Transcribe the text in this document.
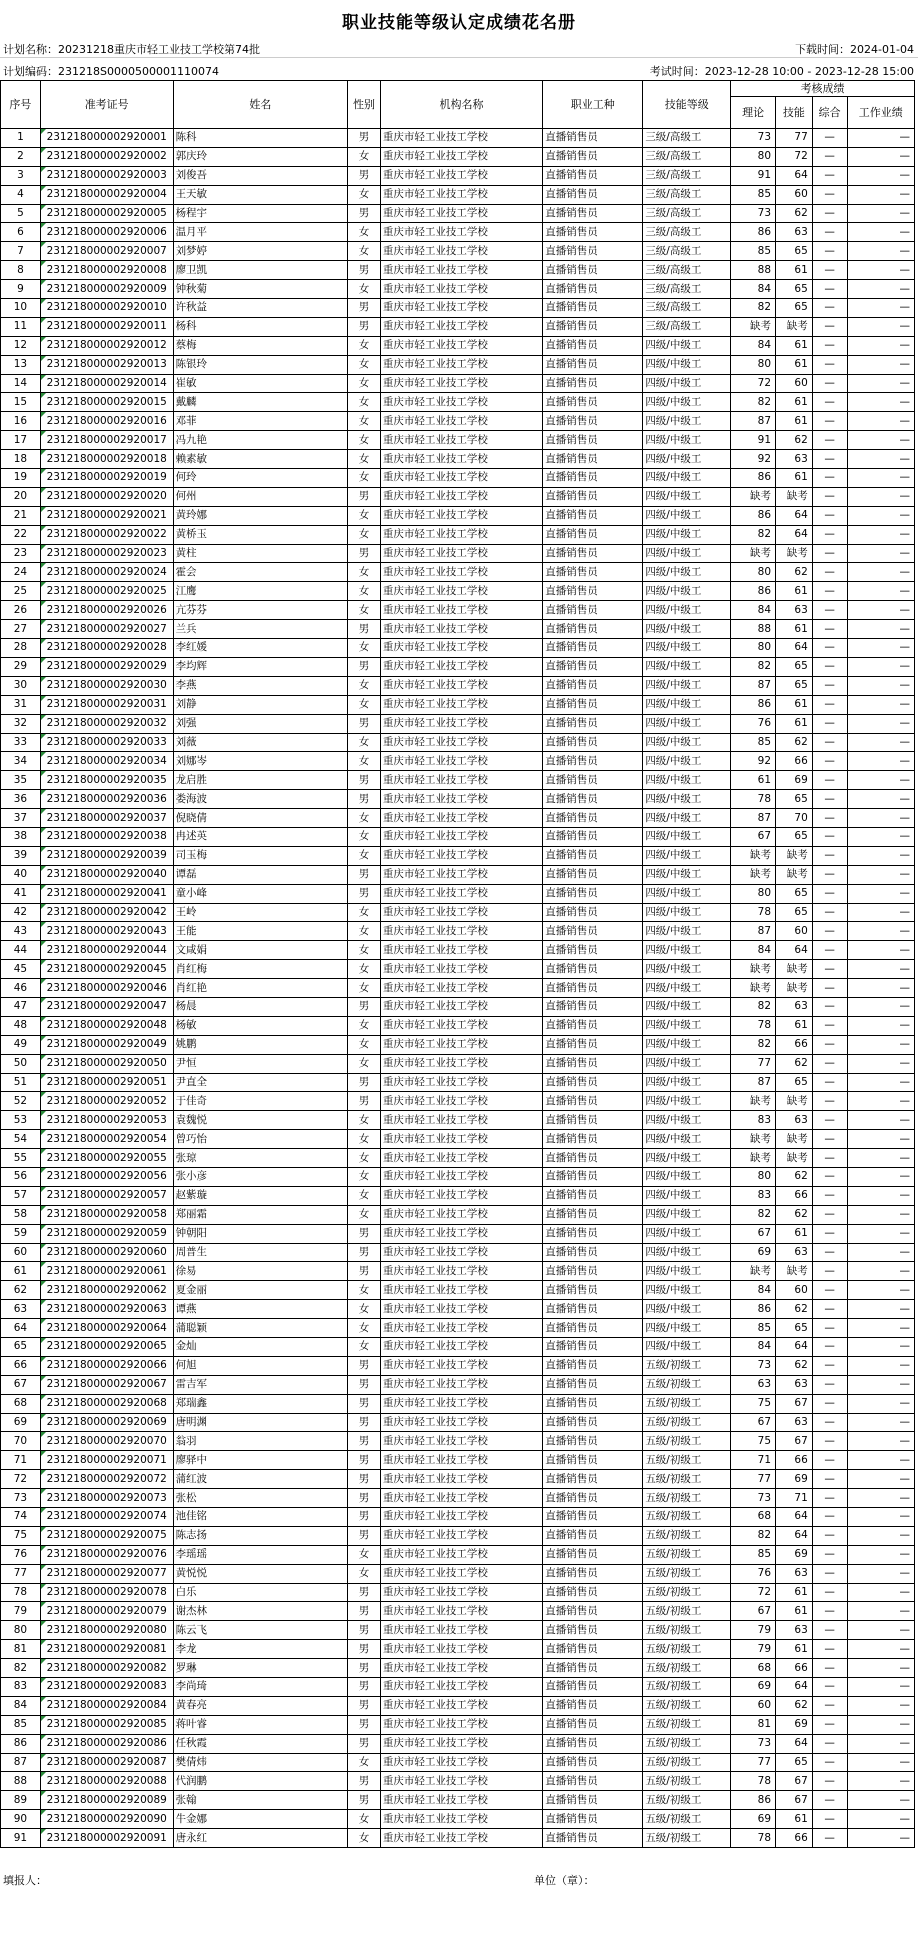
职业技能等级认定成绩花名册
计划名称：20231218重庆市轻工业技工学校第74批	下载时间：2024-01-04
计划编码：231218S0000500001110074	考试时间：2023-12-28 10:00 - 2023-12-28 15:00
序号	准考证号	姓名	性别	机构名称	职业工种	技能等级	考核成绩			
							理论	技能	综合	工作业绩
1	231218000002920001	陈科	男	重庆市轻工业技工学校	直播销售员	三级/高级工	73	77	—	—
2	231218000002920002	郭庆玲	女	重庆市轻工业技工学校	直播销售员	三级/高级工	80	72	—	—
3	231218000002920003	刘俊吾	男	重庆市轻工业技工学校	直播销售员	三级/高级工	91	64	—	—
4	231218000002920004	王天敏	女	重庆市轻工业技工学校	直播销售员	三级/高级工	85	60	—	—
5	231218000002920005	杨程宇	男	重庆市轻工业技工学校	直播销售员	三级/高级工	73	62	—	—
6	231218000002920006	温月平	女	重庆市轻工业技工学校	直播销售员	三级/高级工	86	63	—	—
7	231218000002920007	刘梦婷	女	重庆市轻工业技工学校	直播销售员	三级/高级工	85	65	—	—
8	231218000002920008	廖卫凯	男	重庆市轻工业技工学校	直播销售员	三级/高级工	88	61	—	—
9	231218000002920009	钟秋菊	女	重庆市轻工业技工学校	直播销售员	三级/高级工	84	65	—	—
10	231218000002920010	许秋益	男	重庆市轻工业技工学校	直播销售员	三级/高级工	82	65	—	—
11	231218000002920011	杨科	男	重庆市轻工业技工学校	直播销售员	三级/高级工	缺考	缺考	—	—
12	231218000002920012	蔡梅	女	重庆市轻工业技工学校	直播销售员	四级/中级工	84	61	—	—
13	231218000002920013	陈银玲	女	重庆市轻工业技工学校	直播销售员	四级/中级工	80	61	—	—
14	231218000002920014	崔敏	女	重庆市轻工业技工学校	直播销售员	四级/中级工	72	60	—	—
15	231218000002920015	戴麟	女	重庆市轻工业技工学校	直播销售员	四级/中级工	82	61	—	—
16	231218000002920016	邓菲	女	重庆市轻工业技工学校	直播销售员	四级/中级工	87	61	—	—
17	231218000002920017	冯九艳	女	重庆市轻工业技工学校	直播销售员	四级/中级工	91	62	—	—
18	231218000002920018	赖素敏	女	重庆市轻工业技工学校	直播销售员	四级/中级工	92	63	—	—
19	231218000002920019	何玲	女	重庆市轻工业技工学校	直播销售员	四级/中级工	86	61	—	—
20	231218000002920020	何州	男	重庆市轻工业技工学校	直播销售员	四级/中级工	缺考	缺考	—	—
21	231218000002920021	黄玲娜	女	重庆市轻工业技工学校	直播销售员	四级/中级工	86	64	—	—
22	231218000002920022	黄桥玉	女	重庆市轻工业技工学校	直播销售员	四级/中级工	82	64	—	—
23	231218000002920023	黄柱	男	重庆市轻工业技工学校	直播销售员	四级/中级工	缺考	缺考	—	—
24	231218000002920024	霍会	女	重庆市轻工业技工学校	直播销售员	四级/中级工	80	62	—	—
25	231218000002920025	江鹰	女	重庆市轻工业技工学校	直播销售员	四级/中级工	86	61	—	—
26	231218000002920026	亢芬芬	女	重庆市轻工业技工学校	直播销售员	四级/中级工	84	63	—	—
27	231218000002920027	兰兵	男	重庆市轻工业技工学校	直播销售员	四级/中级工	88	61	—	—
28	231218000002920028	李红媛	女	重庆市轻工业技工学校	直播销售员	四级/中级工	80	64	—	—
29	231218000002920029	李均辉	男	重庆市轻工业技工学校	直播销售员	四级/中级工	82	65	—	—
30	231218000002920030	李燕	女	重庆市轻工业技工学校	直播销售员	四级/中级工	87	65	—	—
31	231218000002920031	刘静	女	重庆市轻工业技工学校	直播销售员	四级/中级工	86	61	—	—
32	231218000002920032	刘强	男	重庆市轻工业技工学校	直播销售员	四级/中级工	76	61	—	—
33	231218000002920033	刘薇	女	重庆市轻工业技工学校	直播销售员	四级/中级工	85	62	—	—
34	231218000002920034	刘娜岑	女	重庆市轻工业技工学校	直播销售员	四级/中级工	92	66	—	—
35	231218000002920035	龙启胜	男	重庆市轻工业技工学校	直播销售员	四级/中级工	61	69	—	—
36	231218000002920036	娄海波	男	重庆市轻工业技工学校	直播销售员	四级/中级工	78	65	—	—
37	231218000002920037	倪晓倩	女	重庆市轻工业技工学校	直播销售员	四级/中级工	87	70	—	—
38	231218000002920038	冉述英	女	重庆市轻工业技工学校	直播销售员	四级/中级工	67	65	—	—
39	231218000002920039	司玉梅	女	重庆市轻工业技工学校	直播销售员	四级/中级工	缺考	缺考	—	—
40	231218000002920040	谭磊	男	重庆市轻工业技工学校	直播销售员	四级/中级工	缺考	缺考	—	—
41	231218000002920041	童小峰	男	重庆市轻工业技工学校	直播销售员	四级/中级工	80	65	—	—
42	231218000002920042	王岭	女	重庆市轻工业技工学校	直播销售员	四级/中级工	78	65	—	—
43	231218000002920043	王能	女	重庆市轻工业技工学校	直播销售员	四级/中级工	87	60	—	—
44	231218000002920044	文咸娟	女	重庆市轻工业技工学校	直播销售员	四级/中级工	84	64	—	—
45	231218000002920045	肖红梅	女	重庆市轻工业技工学校	直播销售员	四级/中级工	缺考	缺考	—	—
46	231218000002920046	肖红艳	女	重庆市轻工业技工学校	直播销售员	四级/中级工	缺考	缺考	—	—
47	231218000002920047	杨晨	男	重庆市轻工业技工学校	直播销售员	四级/中级工	82	63	—	—
48	231218000002920048	杨敏	女	重庆市轻工业技工学校	直播销售员	四级/中级工	78	61	—	—
49	231218000002920049	姚鹏	女	重庆市轻工业技工学校	直播销售员	四级/中级工	82	66	—	—
50	231218000002920050	尹恒	女	重庆市轻工业技工学校	直播销售员	四级/中级工	77	62	—	—
51	231218000002920051	尹直全	男	重庆市轻工业技工学校	直播销售员	四级/中级工	87	65	—	—
52	231218000002920052	于佳奇	男	重庆市轻工业技工学校	直播销售员	四级/中级工	缺考	缺考	—	—
53	231218000002920053	袁魏悦	女	重庆市轻工业技工学校	直播销售员	四级/中级工	83	63	—	—
54	231218000002920054	曾巧怡	女	重庆市轻工业技工学校	直播销售员	四级/中级工	缺考	缺考	—	—
55	231218000002920055	张琼	女	重庆市轻工业技工学校	直播销售员	四级/中级工	缺考	缺考	—	—
56	231218000002920056	张小彦	女	重庆市轻工业技工学校	直播销售员	四级/中级工	80	62	—	—
57	231218000002920057	赵紫璇	女	重庆市轻工业技工学校	直播销售员	四级/中级工	83	66	—	—
58	231218000002920058	郑丽霜	女	重庆市轻工业技工学校	直播销售员	四级/中级工	82	62	—	—
59	231218000002920059	钟朝阳	男	重庆市轻工业技工学校	直播销售员	四级/中级工	67	61	—	—
60	231218000002920060	周普生	男	重庆市轻工业技工学校	直播销售员	四级/中级工	69	63	—	—
61	231218000002920061	徐易	男	重庆市轻工业技工学校	直播销售员	四级/中级工	缺考	缺考	—	—
62	231218000002920062	夏金丽	女	重庆市轻工业技工学校	直播销售员	四级/中级工	84	60	—	—
63	231218000002920063	谭燕	女	重庆市轻工业技工学校	直播销售员	四级/中级工	86	62	—	—
64	231218000002920064	蒲聪颖	女	重庆市轻工业技工学校	直播销售员	四级/中级工	85	65	—	—
65	231218000002920065	金灿	女	重庆市轻工业技工学校	直播销售员	四级/中级工	84	64	—	—
66	231218000002920066	何旭	男	重庆市轻工业技工学校	直播销售员	五级/初级工	73	62	—	—
67	231218000002920067	雷吉军	男	重庆市轻工业技工学校	直播销售员	五级/初级工	63	63	—	—
68	231218000002920068	郑瑞鑫	男	重庆市轻工业技工学校	直播销售员	五级/初级工	75	67	—	—
69	231218000002920069	唐明渊	男	重庆市轻工业技工学校	直播销售员	五级/初级工	67	63	—	—
70	231218000002920070	翁羽	男	重庆市轻工业技工学校	直播销售员	五级/初级工	75	67	—	—
71	231218000002920071	廖驿中	男	重庆市轻工业技工学校	直播销售员	五级/初级工	71	66	—	—
72	231218000002920072	蒲红波	男	重庆市轻工业技工学校	直播销售员	五级/初级工	77	69	—	—
73	231218000002920073	张松	男	重庆市轻工业技工学校	直播销售员	五级/初级工	73	71	—	—
74	231218000002920074	池佳铭	男	重庆市轻工业技工学校	直播销售员	五级/初级工	68	64	—	—
75	231218000002920075	陈志扬	男	重庆市轻工业技工学校	直播销售员	五级/初级工	82	64	—	—
76	231218000002920076	李瑶瑶	女	重庆市轻工业技工学校	直播销售员	五级/初级工	85	69	—	—
77	231218000002920077	黄悦悦	女	重庆市轻工业技工学校	直播销售员	五级/初级工	76	63	—	—
78	231218000002920078	白乐	男	重庆市轻工业技工学校	直播销售员	五级/初级工	72	61	—	—
79	231218000002920079	谢杰林	男	重庆市轻工业技工学校	直播销售员	五级/初级工	67	61	—	—
80	231218000002920080	陈云飞	男	重庆市轻工业技工学校	直播销售员	五级/初级工	79	63	—	—
81	231218000002920081	李龙	男	重庆市轻工业技工学校	直播销售员	五级/初级工	79	61	—	—
82	231218000002920082	罗琳	男	重庆市轻工业技工学校	直播销售员	五级/初级工	68	66	—	—
83	231218000002920083	李尚琦	男	重庆市轻工业技工学校	直播销售员	五级/初级工	69	64	—	—
84	231218000002920084	黄春亮	男	重庆市轻工业技工学校	直播销售员	五级/初级工	60	62	—	—
85	231218000002920085	蒋叶睿	男	重庆市轻工业技工学校	直播销售员	五级/初级工	81	69	—	—
86	231218000002920086	任秋霞	男	重庆市轻工业技工学校	直播销售员	五级/初级工	73	64	—	—
87	231218000002920087	樊倩炜	女	重庆市轻工业技工学校	直播销售员	五级/初级工	77	65	—	—
88	231218000002920088	代润鹏	男	重庆市轻工业技工学校	直播销售员	五级/初级工	78	67	—	—
89	231218000002920089	张翰	男	重庆市轻工业技工学校	直播销售员	五级/初级工	86	67	—	—
90	231218000002920090	牛金娜	女	重庆市轻工业技工学校	直播销售员	五级/初级工	69	61	—	—
91	231218000002920091	唐永红	女	重庆市轻工业技工学校	直播销售员	五级/初级工	78	66	—	—
填报人：	单位（章）：
